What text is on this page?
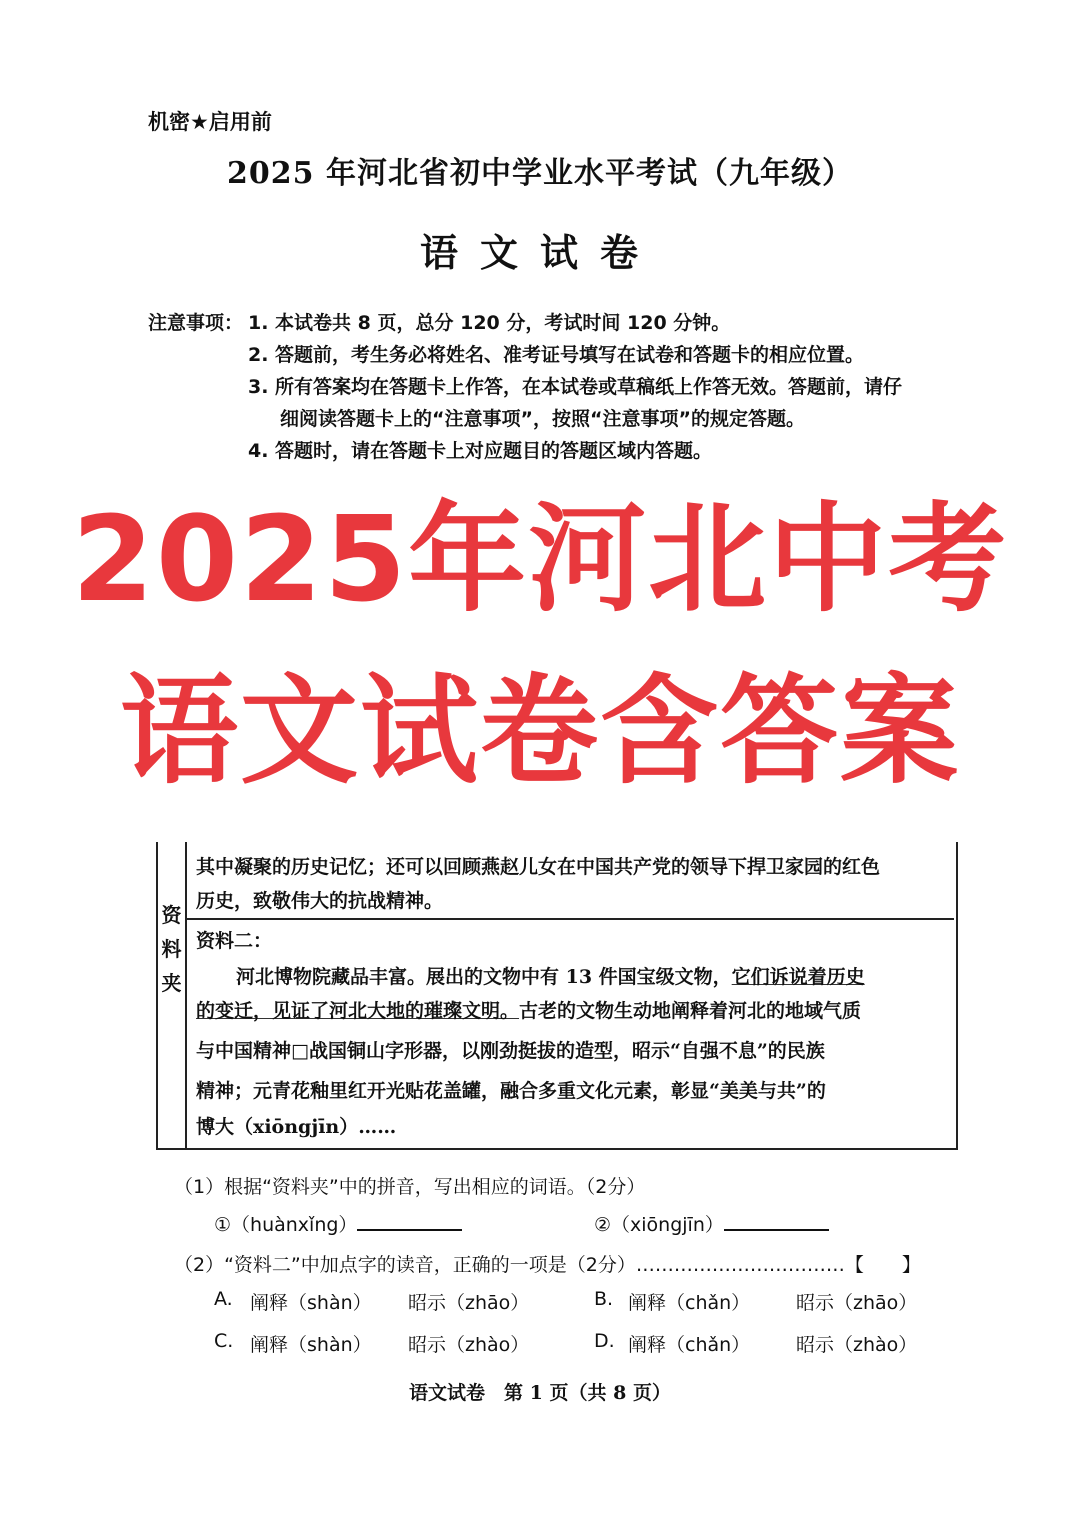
机密★启用前
2025 年河北省初中学业水平考试（九年级）
语文试卷
注意事项： 1. 本试卷共 8 页，总分 120 分，考试时间 120 分钟。
2. 答题前，考生务必将姓名、准考证号填写在试卷和答题卡的相应位置。
3. 所有答案均在答题卡上作答，在本试卷或草稿纸上作答无效。答题前，请仔
细阅读答题卡上的“注意事项”，按照“注意事项”的规定答题。
4. 答题时，请在答题卡上对应题目的答题区域内答题。
2025年河北中考
语文试卷含答案
资
料
夹
其中凝聚的历史记忆；还可以回顾燕赵儿女在中国共产党的领导下捍卫家园的红色
历史，致敬伟大的抗战精神。
资料二：
河北博物院藏品丰富。展出的文物中有 13 件国宝级文物，它们诉说着历史
的变迁，见证了河北大地的璀璨文明。古老的文物生动地阐释着河北的地域气质
与中国精神□战国铜山字形器，以刚劲挺拔的造型，昭示“自强不息”的民族
精神；元青花釉里红开光贴花盖罐，融合多重文化元素，彰显“美美与共”的
博大（xiōngjīn）……
（1）根据“资料夹”中的拼音，写出相应的词语。（2分）
①（huànxǐng）	②（xiōngjīn）
（2）“资料二”中加点字的读音，正确的一项是（2分）……………………………【　　】
A. 阐释（shàn） 昭示（zhāo）	B. 阐释（chǎn） 昭示（zhāo）
C. 阐释（shàn） 昭示（zhào）	D. 阐释（chǎn） 昭示（zhào）
语文试卷　第 1 页（共 8 页）
